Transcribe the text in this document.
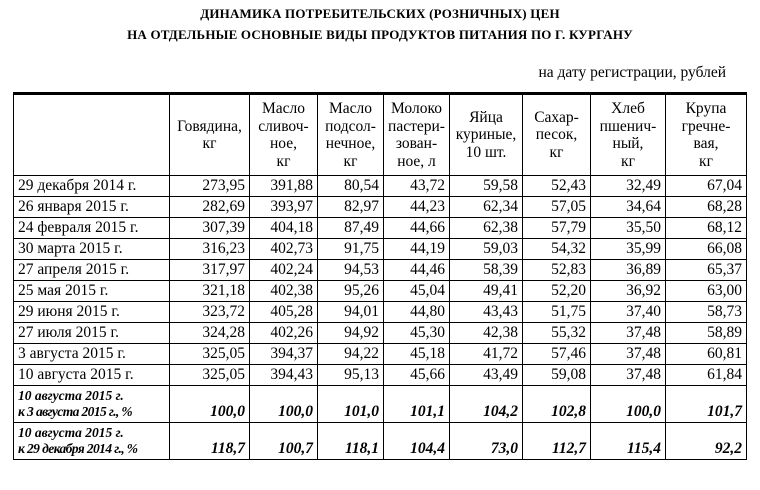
ДИНАМИКА ПОТРЕБИТЕЛЬСКИХ (РОЗНИЧНЫХ) ЦЕН
НА ОТДЕЛЬНЫЕ ОСНОВНЫЕ ВИДЫ ПРОДУКТОВ ПИТАНИЯ ПО Г. КУРГАНУ
на дату регистрации, рублей
	Говядина,
кг	Масло
сливоч-
ное,
кг	Масло
подсол-
нечное,
кг	Молоко
пастери-
зован-
ное, л	Яйца
куриные,
10 шт.	Сахар-
песок,
кг	Хлеб
пшенич-
ный,
кг	Крупа
гречне-
вая,
кг
29 декабря 2014 г.	273,95	391,88	80,54	43,72	59,58	52,43	32,49	67,04
26 января 2015 г.	282,69	393,97	82,97	44,23	62,34	57,05	34,64	68,28
24 февраля 2015 г.	307,39	404,18	87,49	44,66	62,38	57,79	35,50	68,12
30 марта 2015 г.	316,23	402,73	91,75	44,19	59,03	54,32	35,99	66,08
27 апреля 2015 г.	317,97	402,24	94,53	44,46	58,39	52,83	36,89	65,37
25 мая 2015 г.	321,18	402,38	95,26	45,04	49,41	52,20	36,92	63,00
29 июня 2015 г.	323,72	405,28	94,01	44,80	43,43	51,75	37,40	58,73
27 июля 2015 г.	324,28	402,26	94,92	45,30	42,38	55,32	37,48	58,89
3 августа 2015 г.	325,05	394,37	94,22	45,18	41,72	57,46	37,48	60,81
10 августа 2015 г.	325,05	394,43	95,13	45,66	43,49	59,08	37,48	61,84

10 августа 2015 г.
к 3 августа 2015 г., %	100,0	100,0	101,0	101,1	104,2	102,8	100,0	101,7

10 августа 2015 г.
к 29 декабря 2014 г., %	118,7	100,7	118,1	104,4	73,0	112,7	115,4	92,2
